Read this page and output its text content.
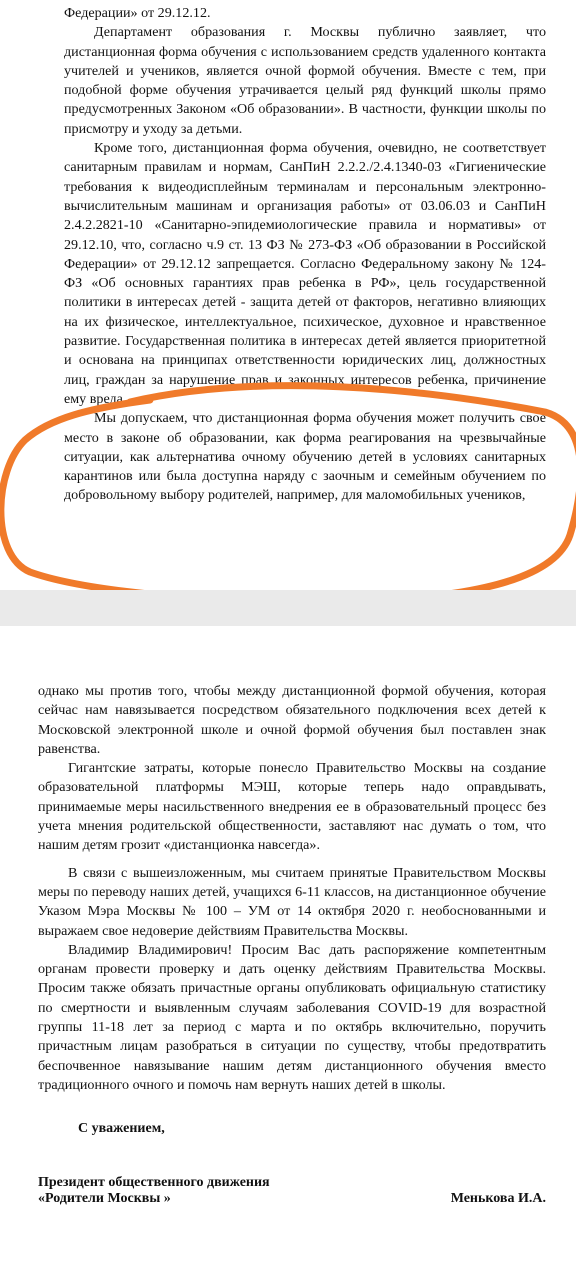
Федерации» от 29.12.12.

Департамент образования г. Москвы публично заявляет, что дистанционная форма обучения с использованием средств удаленного контакта учителей и учеников, является очной формой обучения. Вместе с тем, при подобной форме обучения утрачивается целый ряд функций школы прямо предусмотренных Законом «Об образовании». В частности, функции школы по присмотру и уходу за детьми.

Кроме того, дистанционная форма обучения, очевидно, не соответствует санитарным правилам и нормам, СанПиН 2.2.2./2.4.1340-03 «Гигиенические требования к видеодисплейным терминалам и персональным электронно-вычислительным машинам и организация работы» от 03.06.03 и СанПиН 2.4.2.2821-10 «Санитарно-эпидемиологические правила и нормативы» от 29.12.10, что, согласно ч.9 ст. 13 ФЗ № 273-ФЗ «Об образовании в Российской Федерации» от 29.12.12 запрещается. Согласно Федеральному закону № 124-ФЗ «Об основных гарантиях прав ребенка в РФ», цель государственной политики в интересах детей - защита детей от факторов, негативно влияющих на их физическое, интеллектуальное, психическое, духовное и нравственное развитие. Государственная политика в интересах детей является приоритетной и основана на принципах ответственности юридических лиц, должностных лиц, граждан за нарушение прав и законных интересов ребенка, причинение ему вреда.

Мы допускаем, что дистанционная форма обучения может получить свое место в законе об образовании, как форма реагирования на чрезвычайные ситуации, как альтернатива очному обучению детей в условиях санитарных карантинов или была доступна наряду с заочным и семейным обучением по добровольному выбору родителей, например, для маломобильных учеников,

однако мы против того, чтобы между дистанционной формой обучения, которая сейчас нам навязывается посредством обязательного подключения всех детей к Московской электронной школе и очной формой обучения был поставлен знак равенства.

Гигантские затраты, которые понесло Правительство Москвы на создание образовательной платформы МЭШ, которые теперь надо оправдывать, принимаемые меры насильственного внедрения ее в образовательный процесс без учета мнения родительской общественности, заставляют нас думать о том, что нашим детям грозит «дистанционка навсегда».

В связи с вышеизложенным, мы считаем принятые Правительством Москвы меры по переводу наших детей, учащихся 6-11 классов, на дистанционное обучение Указом Мэра Москвы № 100 – УМ от 14 октября 2020 г. необоснованными и выражаем свое недоверие действиям Правительства Москвы.

Владимир Владимирович! Просим Вас дать распоряжение компетентным органам провести проверку и дать оценку действиям Правительства Москвы. Просим также обязать причастные органы опубликовать официальную статистику по смертности и выявленным случаям заболевания COVID-19 для возрастной группы 11-18 лет за период с марта и по октябрь включительно, поручить причастным лицам разобраться в ситуации по существу, чтобы предотвратить беспочвенное навязывание нашим детям дистанционного обучения вместо традиционного очного и помочь нам вернуть наших детей в школы.

С уважением,
Президент общественного движения
«Родители Москвы »	Менькова И.А.
